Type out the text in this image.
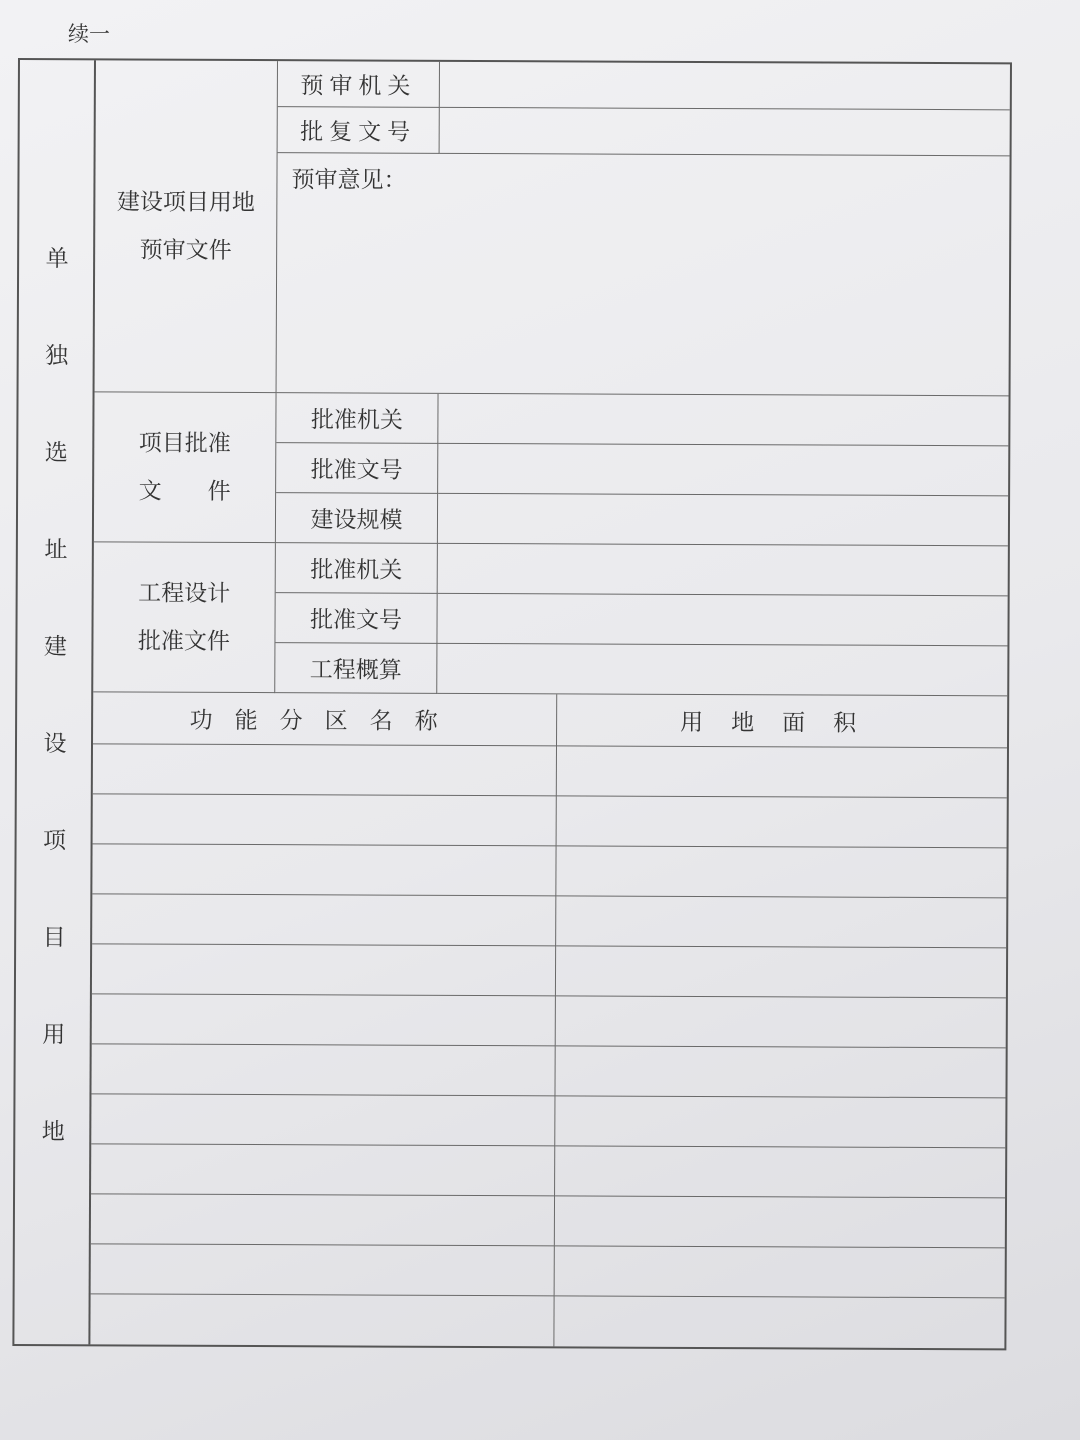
续一
单
独
选
址
建
设
项
目
用
地
建设项目用地
预审文件
预审机关
批复文号
预审意见：
项目批准
文　　件
批准机关
批准文号
建设规模
工程设计
批准文件
批准机关
批准文号
工程概算
功能分区名称	用地面积
